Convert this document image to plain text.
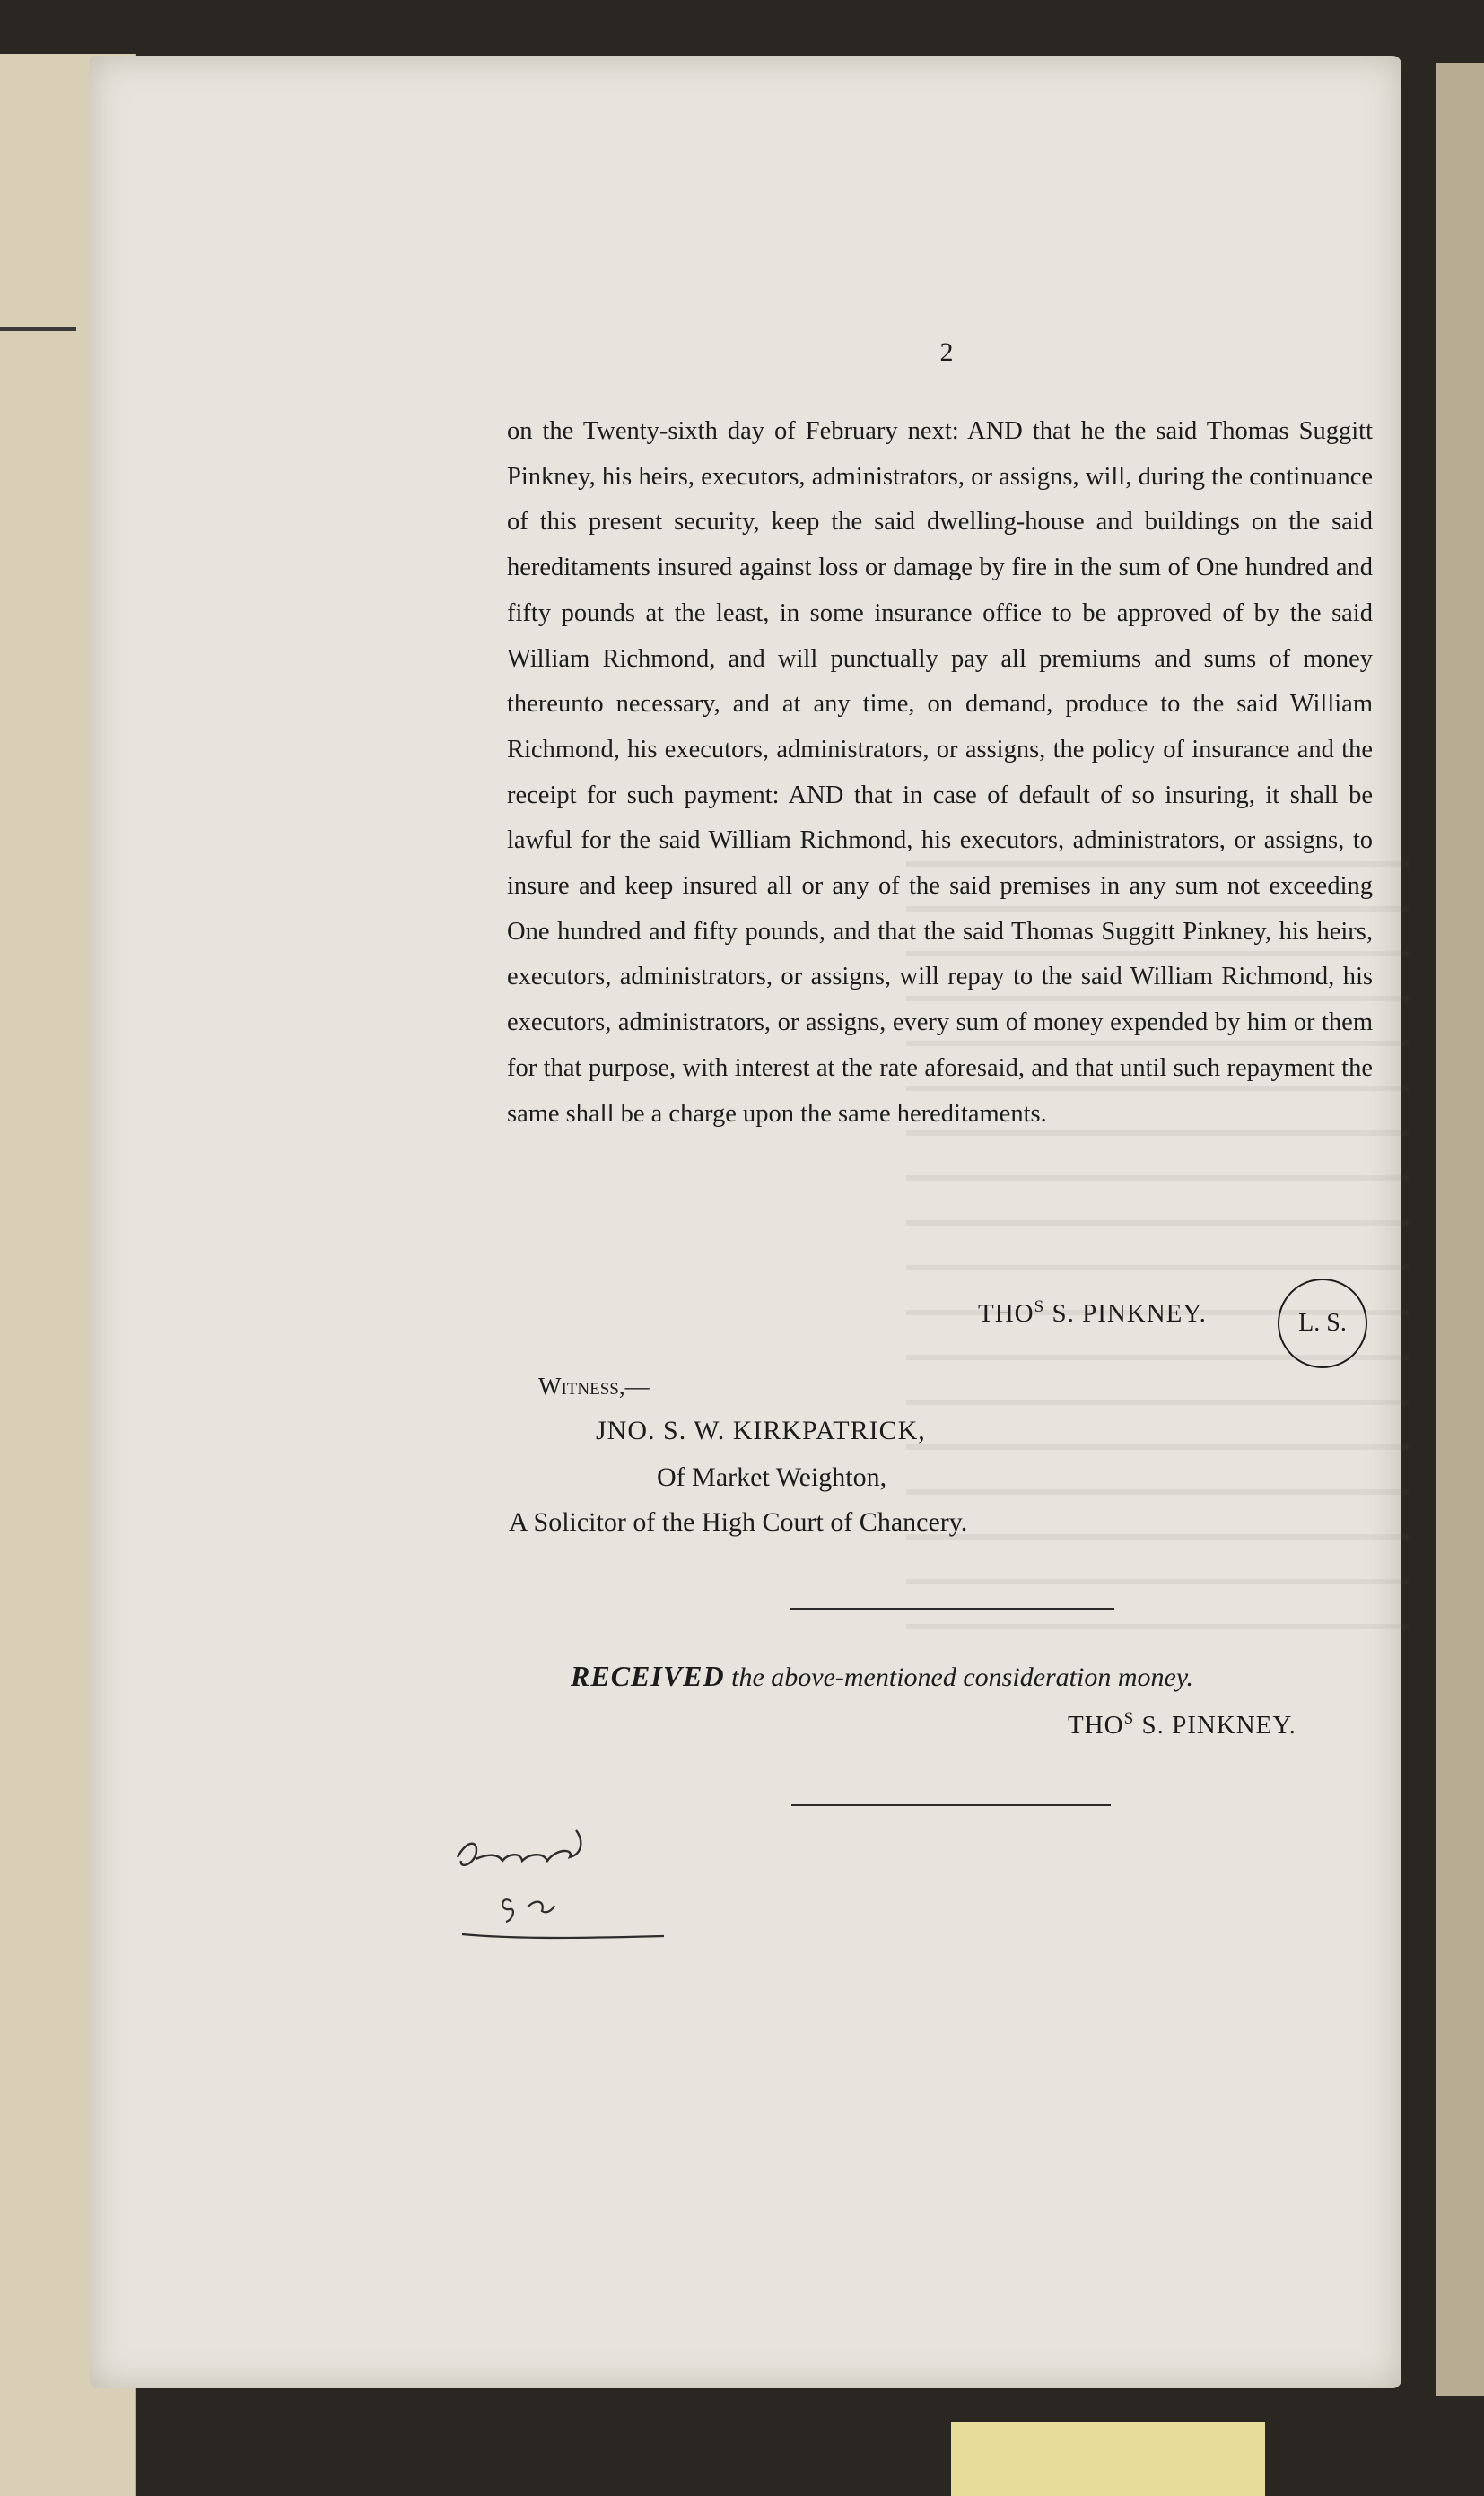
2

on the Twenty-sixth day of February next: AND that he the said Thomas Suggitt Pinkney, his heirs, executors, administrators, or assigns, will, during the continuance of this present security, keep the said dwelling-house and buildings on the said hereditaments insured against loss or damage by fire in the sum of One hundred and fifty pounds at the least, in some insurance office to be approved of by the said William Richmond, and will punctually pay all premiums and sums of money thereunto necessary, and at any time, on demand, produce to the said William Richmond, his executors, administrators, or assigns, the policy of insurance and the receipt for such payment: AND that in case of default of so insuring, it shall be lawful for the said William Richmond, his executors, administrators, or assigns, to insure and keep insured all or any of the said premises in any sum not exceeding One hundred and fifty pounds, and that the said Thomas Suggitt Pinkney, his heirs, executors, administrators, or assigns, will repay to the said William Richmond, his executors, administrators, or assigns, every sum of money expended by him or them for that purpose, with interest at the rate aforesaid, and that until such repayment the same shall be a charge upon the same hereditaments.

$THO^S$ S. PINKNEY.	L. S.
Witness,—
JNO. S. W. KIRKPATRICK,
Of Market Weighton,
A Solicitor of the High Court of Chancery.
RECEIVED the above-mentioned consideration money.
$THO^S$ S. PINKNEY.
